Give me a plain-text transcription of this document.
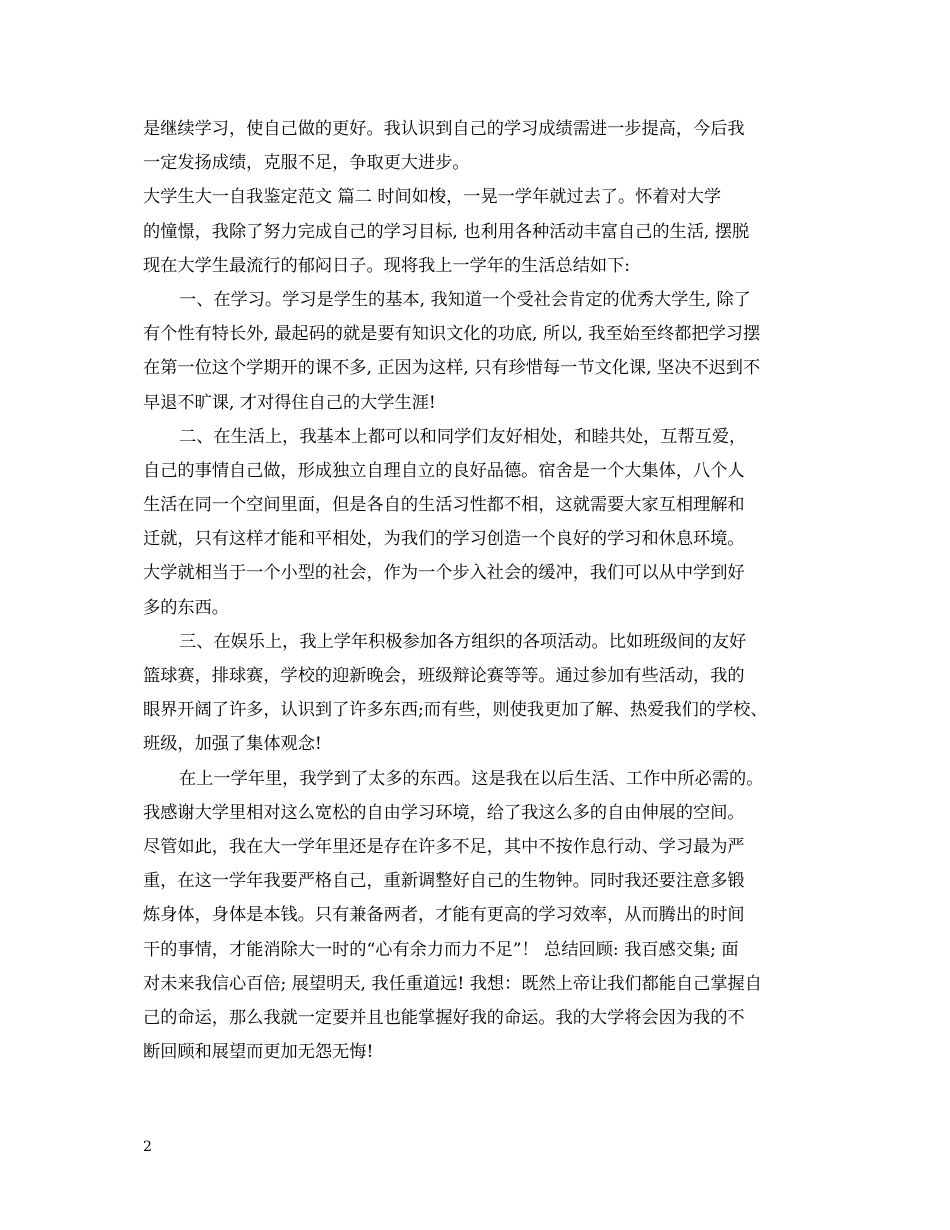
是继续学习，使自己做的更好。我认识到自己的学习成绩需进一步提高，今后我
一定发扬成绩，克服不足，争取更大进步。
大学生大一自我鉴定范文 篇二 时间如梭，一晃一学年就过去了。怀着对大学
的憧憬，我除了努力完成自己的学习目标, 也利用各种活动丰富自己的生活, 摆脱
现在大学生最流行的郁闷日子。现将我上一学年的生活总结如下:
一、在学习。学习是学生的基本, 我知道一个受社会肯定的优秀大学生, 除了
有个性有特长外, 最起码的就是要有知识文化的功底, 所以, 我至始至终都把学习摆
在第一位这个学期开的课不多, 正因为这样, 只有珍惜每一节文化课, 坚决不迟到不
早退不旷课, 才对得住自己的大学生涯!
二、在生活上，我基本上都可以和同学们友好相处，和睦共处，互帮互爱，
自己的事情自己做，形成独立自理自立的良好品德。宿舍是一个大集体，八个人
生活在同一个空间里面，但是各自的生活习性都不相，这就需要大家互相理解和
迁就，只有这样才能和平相处，为我们的学习创造一个良好的学习和休息环境。
大学就相当于一个小型的社会，作为一个步入社会的缓冲，我们可以从中学到好
多的东西。
三、在娱乐上，我上学年积极参加各方组织的各项活动。比如班级间的友好
篮球赛，排球赛，学校的迎新晚会，班级辩论赛等等。通过参加有些活动，我的
眼界开阔了许多，认识到了许多东西;而有些，则使我更加了解、热爱我们的学校、
班级，加强了集体观念!
在上一学年里，我学到了太多的东西。这是我在以后生活、工作中所必需的。
我感谢大学里相对这么宽松的自由学习环境，给了我这么多的自由伸展的空间。
尽管如此，我在大一学年里还是存在许多不足，其中不按作息行动、学习最为严
重，在这一学年我要严格自己，重新调整好自己的生物钟。同时我还要注意多锻
炼身体，身体是本钱。只有兼备两者，才能有更高的学习效率，从而腾出的时间
干的事情，才能消除大一时的“心有余力而力不足”！ 总结回顾: 我百感交集; 面
对未来我信心百倍; 展望明天, 我任重道远! 我想：既然上帝让我们都能自己掌握自
己的命运，那么我就一定要并且也能掌握好我的命运。我的大学将会因为我的不
断回顾和展望而更加无怨无悔!
2
